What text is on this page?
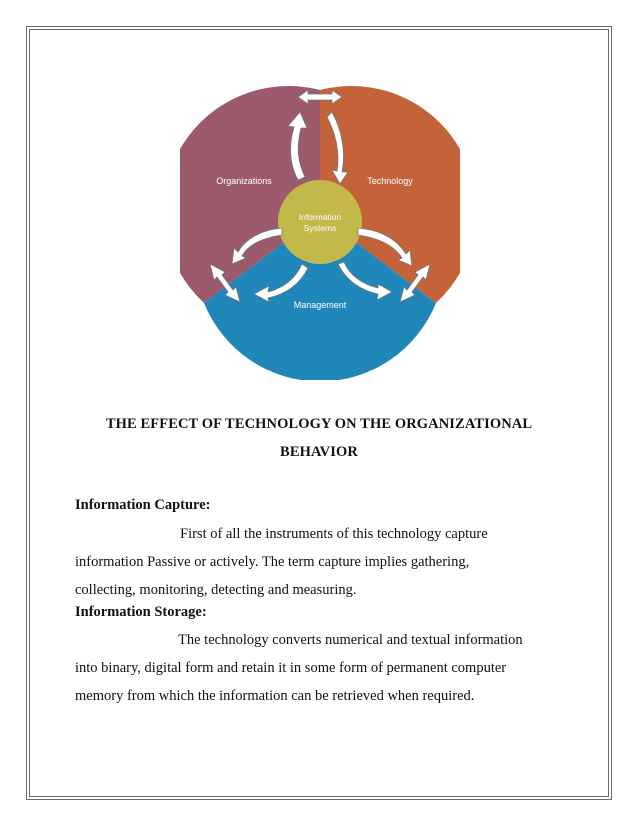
Organizations	Technology
Management
Information
Systems
THE EFFECT OF TECHNOLOGY ON THE ORGANIZATIONAL
BEHAVIOR
Information Capture:
First of all the instruments of this technology capture
information Passive or actively. The term capture implies gathering,
collecting, monitoring, detecting and measuring.
Information Storage:
The technology converts numerical and textual information
into binary, digital form and retain it in some form of permanent computer
memory from which the information can be retrieved when required.
